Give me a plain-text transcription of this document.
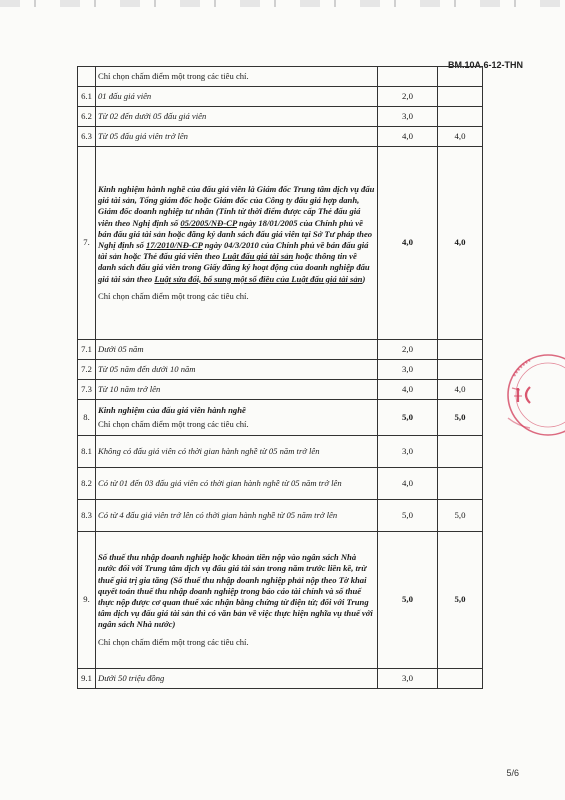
BM.10A.6-12-THN
	Chỉ chọn chấm điểm một trong các tiêu chí.		
6.1	01 đấu giá viên	2,0	
6.2	Từ 02 đến dưới 05 đấu giá viên	3,0	
6.3	Từ 05 đấu giá viên trở lên	4,0	4,0
7.	Kinh nghiệm hành nghề của đấu giá viên là Giám đốc Trung tâm dịch vụ đấu giá tài sản, Tổng giám đốc hoặc Giám đốc của Công ty đấu giá hợp danh, Giám đốc doanh nghiệp tư nhân (Tính từ thời điểm được cấp Thẻ đấu giá viên theo Nghị định số 05/2005/NĐ-CP ngày 18/01/2005 của Chính phủ về bán đấu giá tài sản hoặc đăng ký danh sách đấu giá viên tại Sở Tư pháp theo Nghị định số 17/2010/NĐ-CP ngày 04/3/2010 của Chính phủ về bán đấu giá tài sản hoặc Thẻ đấu giá viên theo Luật đấu giá tài sản hoặc thông tin về danh sách đấu giá viên trong Giấy đăng ký hoạt động của doanh nghiệp đấu giá tài sản theo Luật sửa đổi, bổ sung một số điều của Luật đấu giá tài sản)
Chỉ chọn chấm điểm một trong các tiêu chí.	4,0	4,0
7.1	Dưới 05 năm	2,0	
7.2	Từ 05 năm đến dưới 10 năm	3,0	
7.3	Từ 10 năm trở lên	4,0	4,0
8.	Kinh nghiệm của đấu giá viên hành nghề
Chỉ chọn chấm điểm một trong các tiêu chí.	5,0	5,0
8.1	Không có đấu giá viên có thời gian hành nghề từ 05 năm trở lên	3,0	
8.2	Có từ 01 đến 03 đấu giá viên có thời gian hành nghề từ 05 năm trở lên	4,0	
8.3	Có từ 4 đấu giá viên trở lên có thời gian hành nghề từ 05 năm trở lên	5,0	5,0
9.	Số thuế thu nhập doanh nghiệp hoặc khoản tiền nộp vào ngân sách Nhà nước đối với Trung tâm dịch vụ đấu giá tài sản trong năm trước liền kề, trừ thuế giá trị gia tăng (Số thuế thu nhập doanh nghiệp phải nộp theo Tờ khai quyết toán thuế thu nhập doanh nghiệp trong báo cáo tài chính và số thuế thực nộp được cơ quan thuế xác nhận bằng chứng từ điện tử; đối với Trung tâm dịch vụ đấu giá tài sản thì có văn bản về việc thực hiện nghĩa vụ thuế với ngân sách Nhà nước)
Chỉ chọn chấm điểm một trong các tiêu chí.	5,0	5,0
9.1	Dưới 50 triệu đồng	3,0	
5/6
